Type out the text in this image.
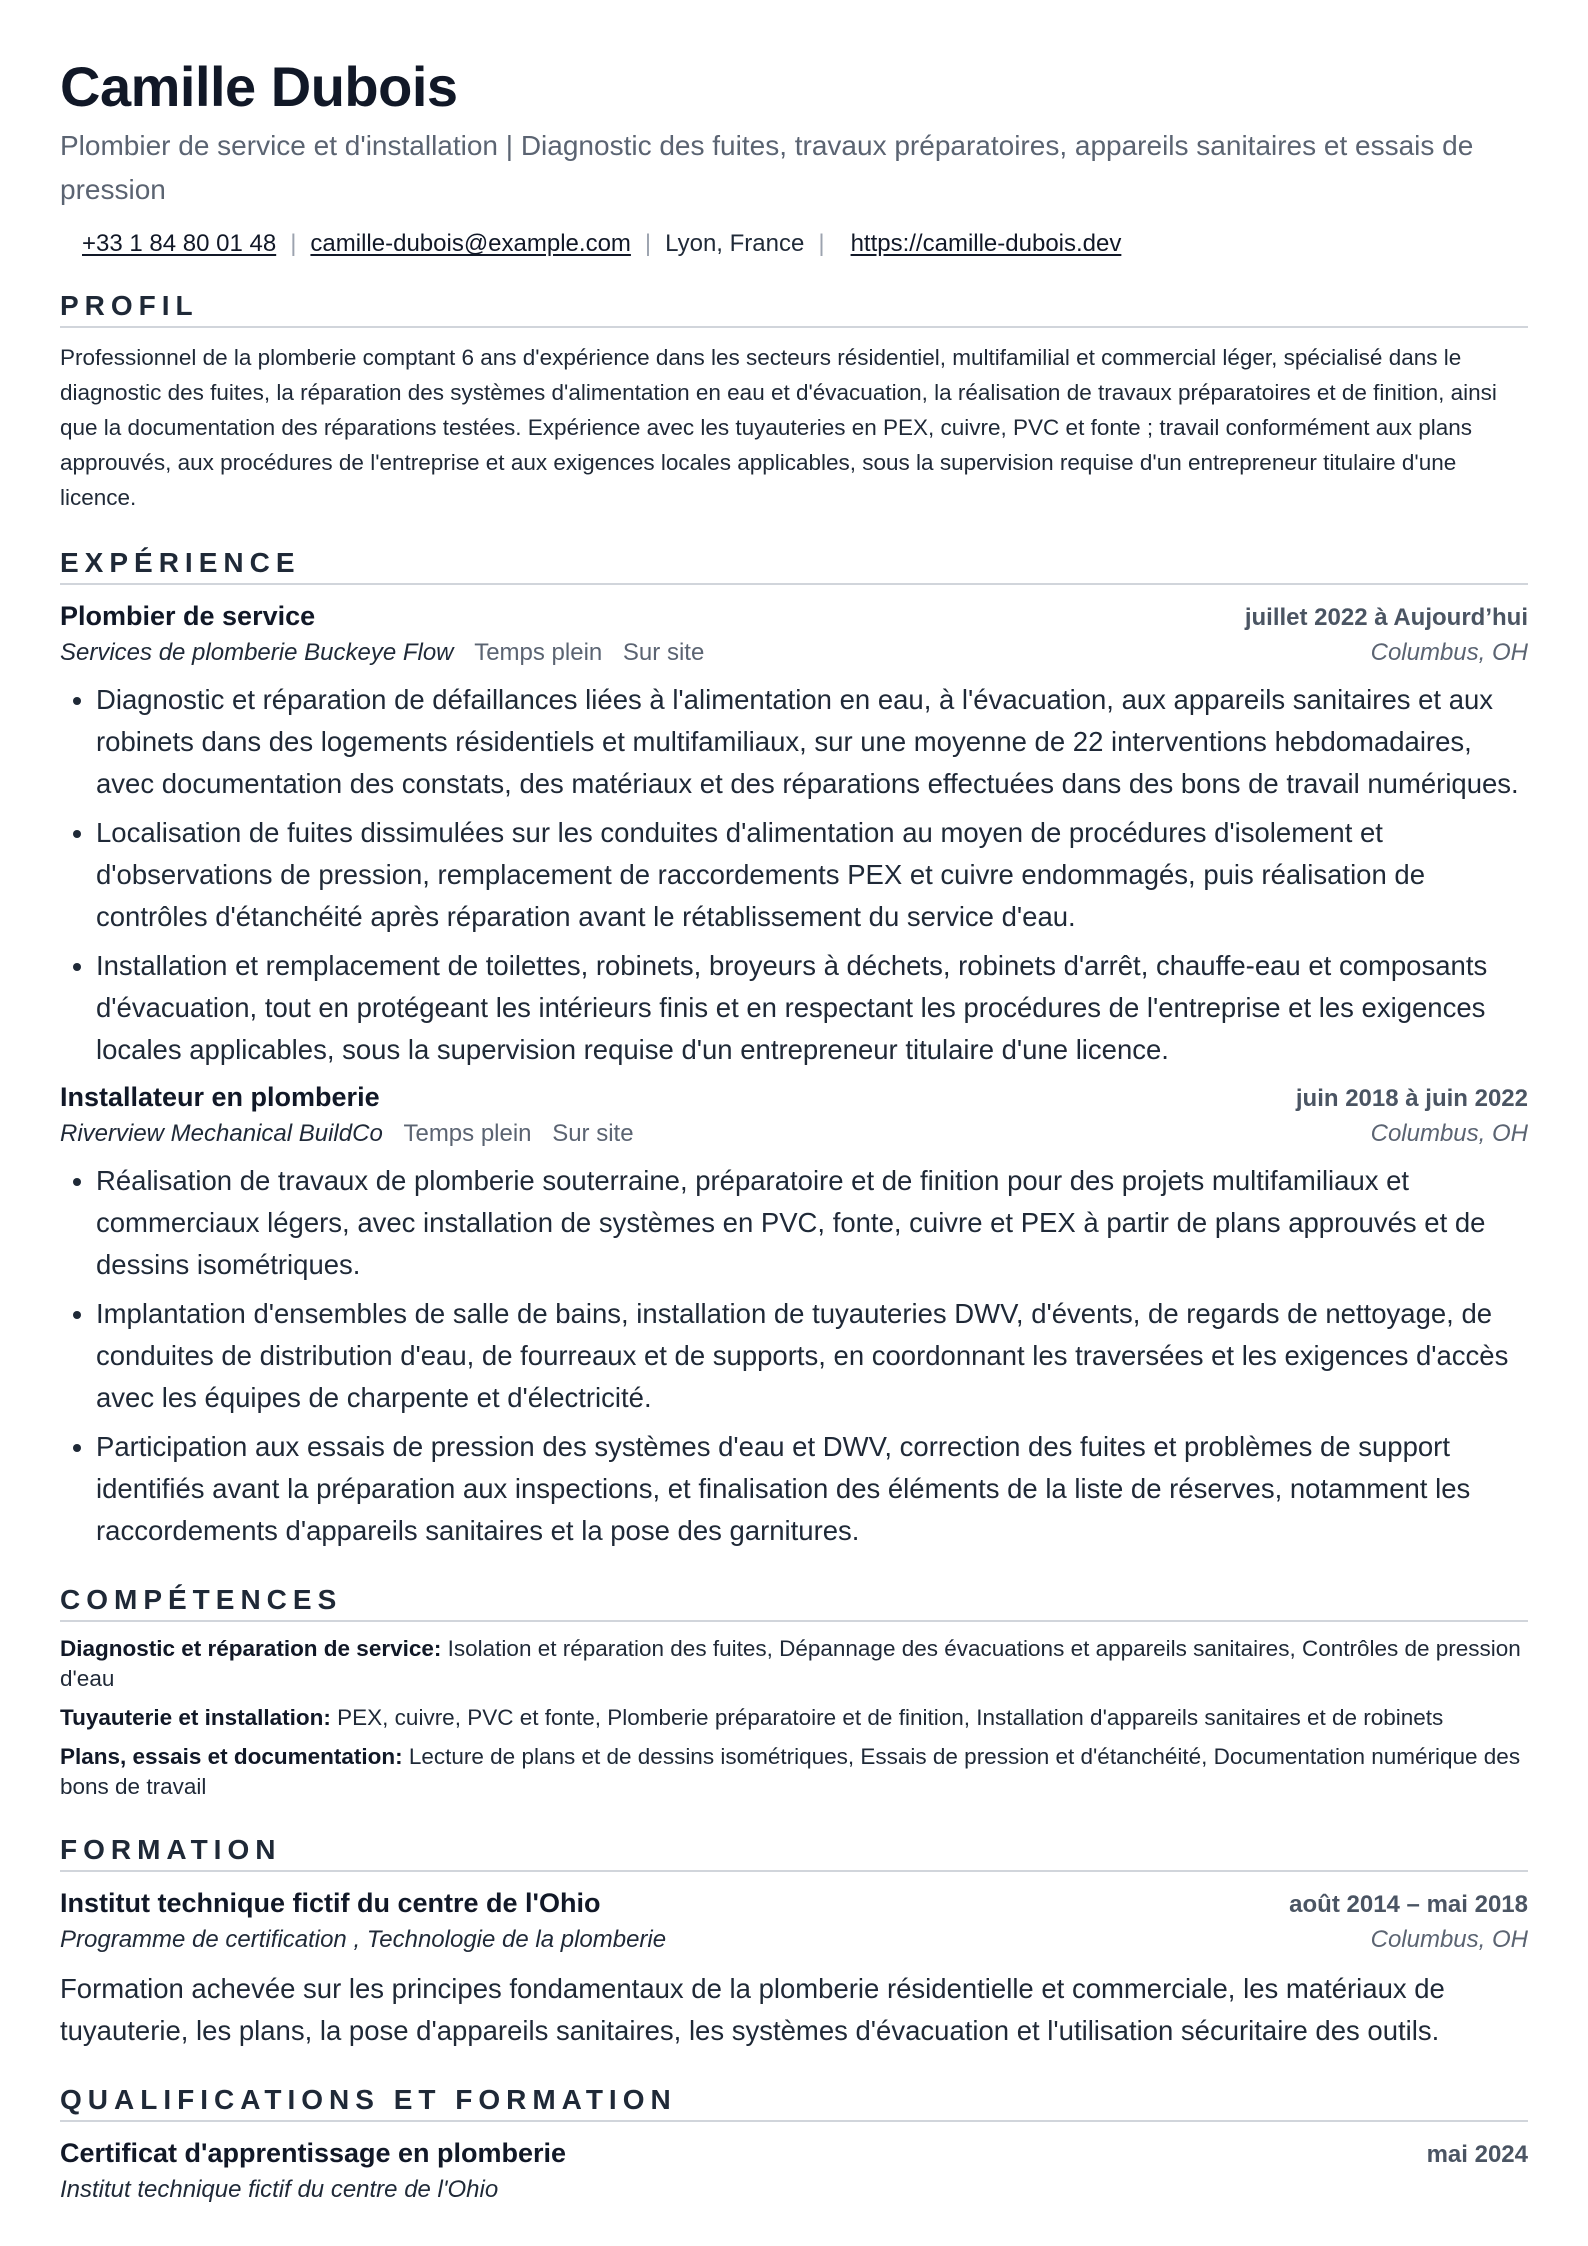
Camille Dubois
Plombier de service et d'installation | Diagnostic des fuites, travaux préparatoires, appareils sanitaires et essais de pression
+33 1 84 80 01 48 | camille-dubois@example.com | Lyon, France | https://camille-dubois.dev
PROFIL

Professionnel de la plomberie comptant 6 ans d'expérience dans les secteurs résidentiel, multifamilial et commercial léger, spécialisé dans le diagnostic des fuites, la réparation des systèmes d'alimentation en eau et d'évacuation, la réalisation de travaux préparatoires et de finition, ainsi que la documentation des réparations testées. Expérience avec les tuyauteries en PEX, cuivre, PVC et fonte ; travail conformément aux plans approuvés, aux procédures de l'entreprise et aux exigences locales applicables, sous la supervision requise d'un entrepreneur titulaire d'une licence.

EXPÉRIENCE
Plombier de service	juillet 2022 à Aujourd’hui
Services de plomberie Buckeye Flow Temps plein Sur site	Columbus, OH
• Diagnostic et réparation de défaillances liées à l'alimentation en eau, à l'évacuation, aux appareils sanitaires et aux robinets dans des logements résidentiels et multifamiliaux, sur une moyenne de 22 interventions hebdomadaires, avec documentation des constats, des matériaux et des réparations effectuées dans des bons de travail numériques.
• Localisation de fuites dissimulées sur les conduites d'alimentation au moyen de procédures d'isolement et d'observations de pression, remplacement de raccordements PEX et cuivre endommagés, puis réalisation de contrôles d'étanchéité après réparation avant le rétablissement du service d'eau.
• Installation et remplacement de toilettes, robinets, broyeurs à déchets, robinets d'arrêt, chauffe-eau et composants d'évacuation, tout en protégeant les intérieurs finis et en respectant les procédures de l'entreprise et les exigences locales applicables, sous la supervision requise d'un entrepreneur titulaire d'une licence.
Installateur en plomberie	juin 2018 à juin 2022
Riverview Mechanical BuildCo Temps plein Sur site	Columbus, OH
• Réalisation de travaux de plomberie souterraine, préparatoire et de finition pour des projets multifamiliaux et commerciaux légers, avec installation de systèmes en PVC, fonte, cuivre et PEX à partir de plans approuvés et de dessins isométriques.
• Implantation d'ensembles de salle de bains, installation de tuyauteries DWV, d'évents, de regards de nettoyage, de conduites de distribution d'eau, de fourreaux et de supports, en coordonnant les traversées et les exigences d'accès avec les équipes de charpente et d'électricité.
• Participation aux essais de pression des systèmes d'eau et DWV, correction des fuites et problèmes de support identifiés avant la préparation aux inspections, et finalisation des éléments de la liste de réserves, notamment les raccordements d'appareils sanitaires et la pose des garnitures.
COMPÉTENCES
Diagnostic et réparation de service: Isolation et réparation des fuites, Dépannage des évacuations et appareils sanitaires, Contrôles de pression d'eau
Tuyauterie et installation: PEX, cuivre, PVC et fonte, Plomberie préparatoire et de finition, Installation d'appareils sanitaires et de robinets
Plans, essais et documentation: Lecture de plans et de dessins isométriques, Essais de pression et d'étanchéité, Documentation numérique des bons de travail
FORMATION
Institut technique fictif du centre de l'Ohio	août 2014 – mai 2018
Programme de certification , Technologie de la plomberie	Columbus, OH
Formation achevée sur les principes fondamentaux de la plomberie résidentielle et commerciale, les matériaux de tuyauterie, les plans, la pose d'appareils sanitaires, les systèmes d'évacuation et l'utilisation sécuritaire des outils.
QUALIFICATIONS ET FORMATION
Certificat d'apprentissage en plomberie	mai 2024
Institut technique fictif du centre de l'Ohio
